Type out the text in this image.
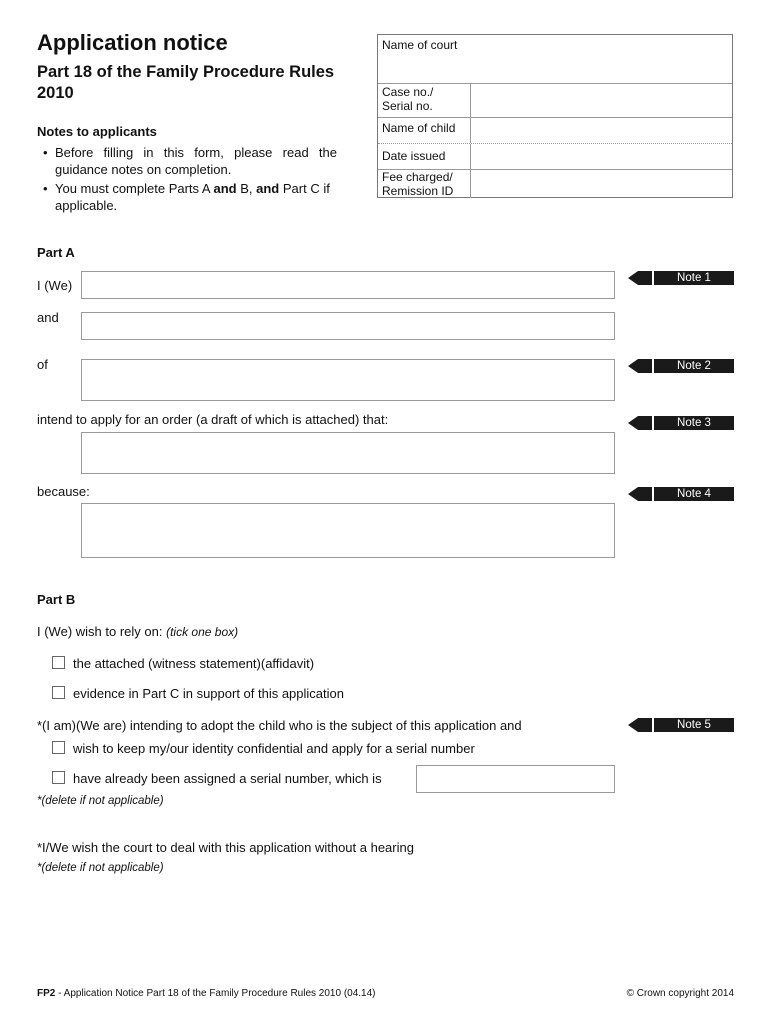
Application notice
Part 18 of the Family Procedure Rules 2010
Notes to applicants
• Before filling in this form, please read the guidance notes on completion.
• You must complete Parts A and B, and Part C if applicable.
Name of court
Case no./
Serial no.
Name of child
Date issued
Fee charged/
Remission ID
Part A
I (We)	Note 1
and
of	Note 2
intend to apply for an order (a draft of which is attached) that:	Note 3
because:	Note 4
Part B
I (We) wish to rely on: (tick one box)
the attached (witness statement)(affidavit)
evidence in Part C in support of this application
*(I am)(We are) intending to adopt the child who is the subject of this application and	Note 5
wish to keep my/our identity confidential and apply for a serial number
have already been assigned a serial number, which is
*(delete if not applicable)
*I/We wish the court to deal with this application without a hearing
*(delete if not applicable)
FP2 - Application Notice Part 18 of the Family Procedure Rules 2010 (04.14)	© Crown copyright 2014
